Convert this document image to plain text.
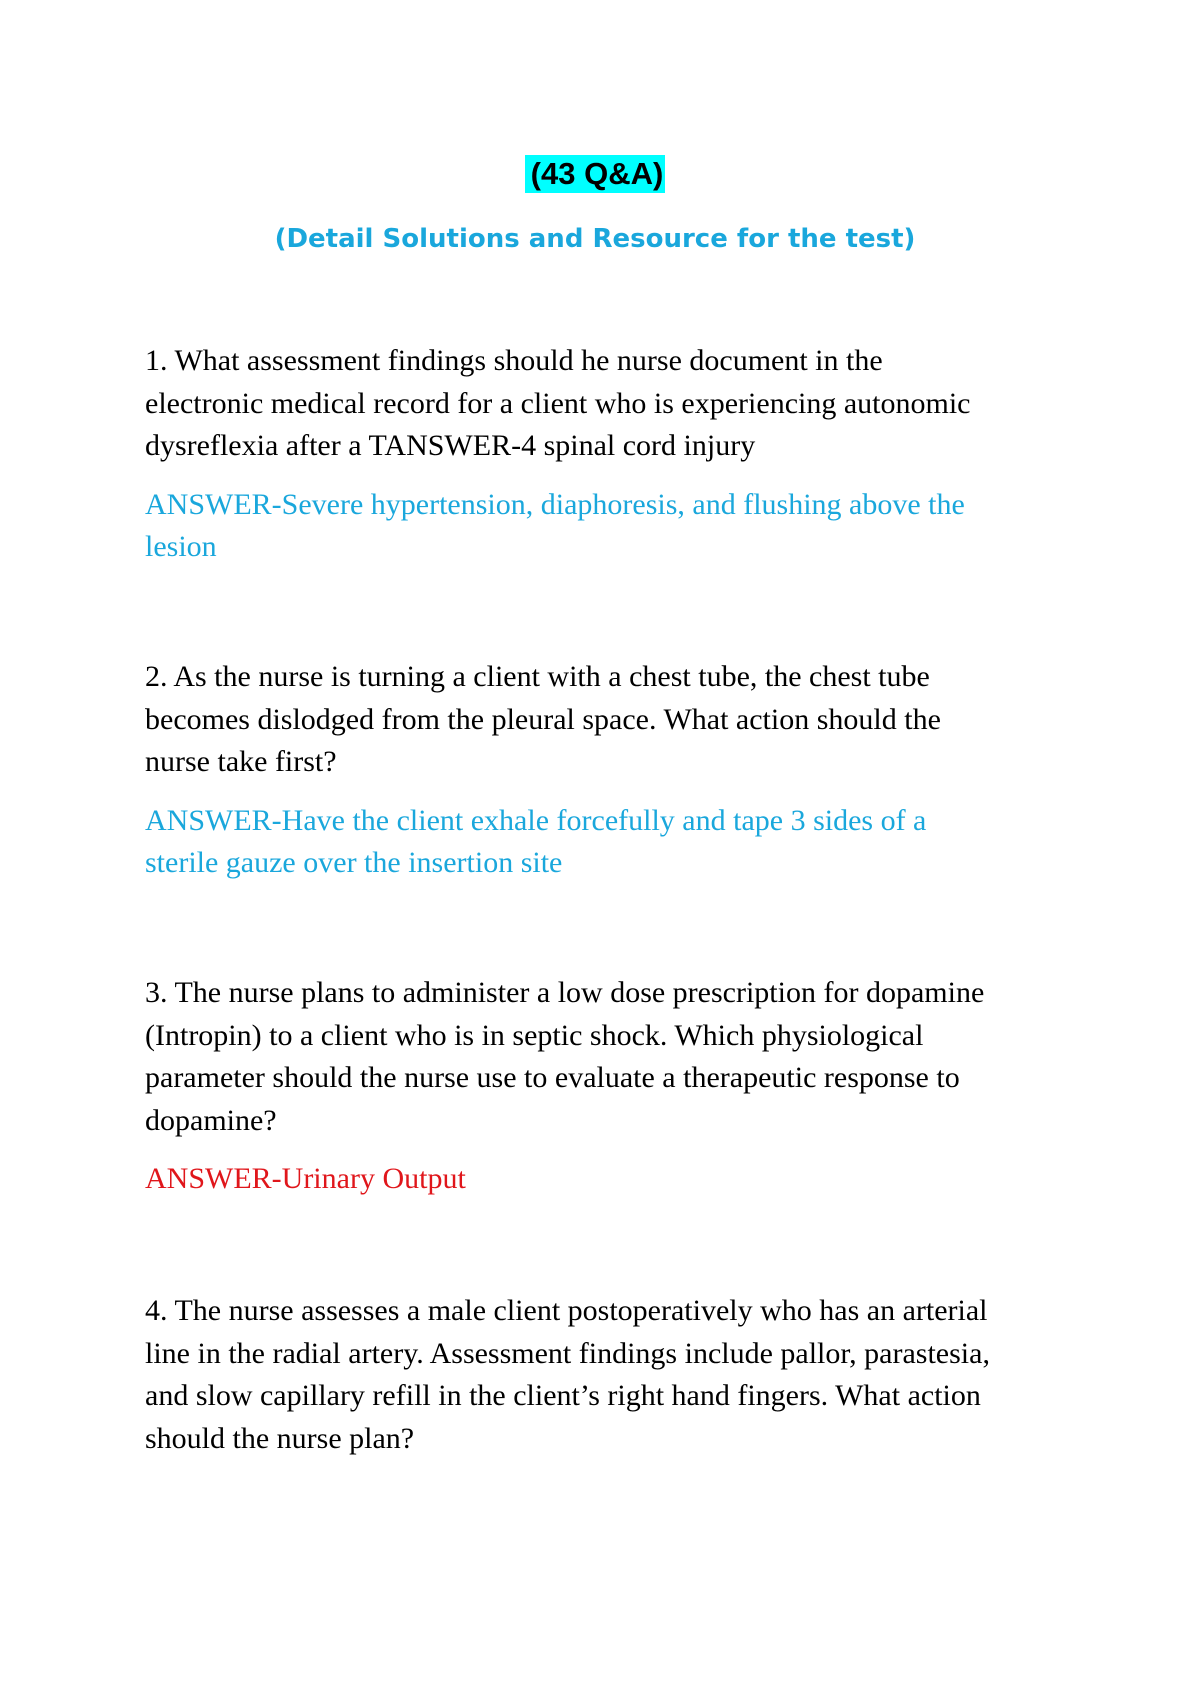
(43 Q&A)
(Detail Solutions and Resource for the test)

1. What assessment findings should he nurse document in the
electronic medical record for a client who is experiencing autonomic
dysreflexia after a TANSWER-4 spinal cord injury

ANSWER-Severe hypertension, diaphoresis, and flushing above the
lesion

2. As the nurse is turning a client with a chest tube, the chest tube
becomes dislodged from the pleural space. What action should the
nurse take first?

ANSWER-Have the client exhale forcefully and tape 3 sides of a
sterile gauze over the insertion site

3. The nurse plans to administer a low dose prescription for dopamine
(Intropin) to a client who is in septic shock. Which physiological
parameter should the nurse use to evaluate a therapeutic response to
dopamine?

ANSWER-Urinary Output

4. The nurse assesses a male client postoperatively who has an arterial
line in the radial artery. Assessment findings include pallor, parastesia,
and slow capillary refill in the client’s right hand fingers. What action
should the nurse plan?
